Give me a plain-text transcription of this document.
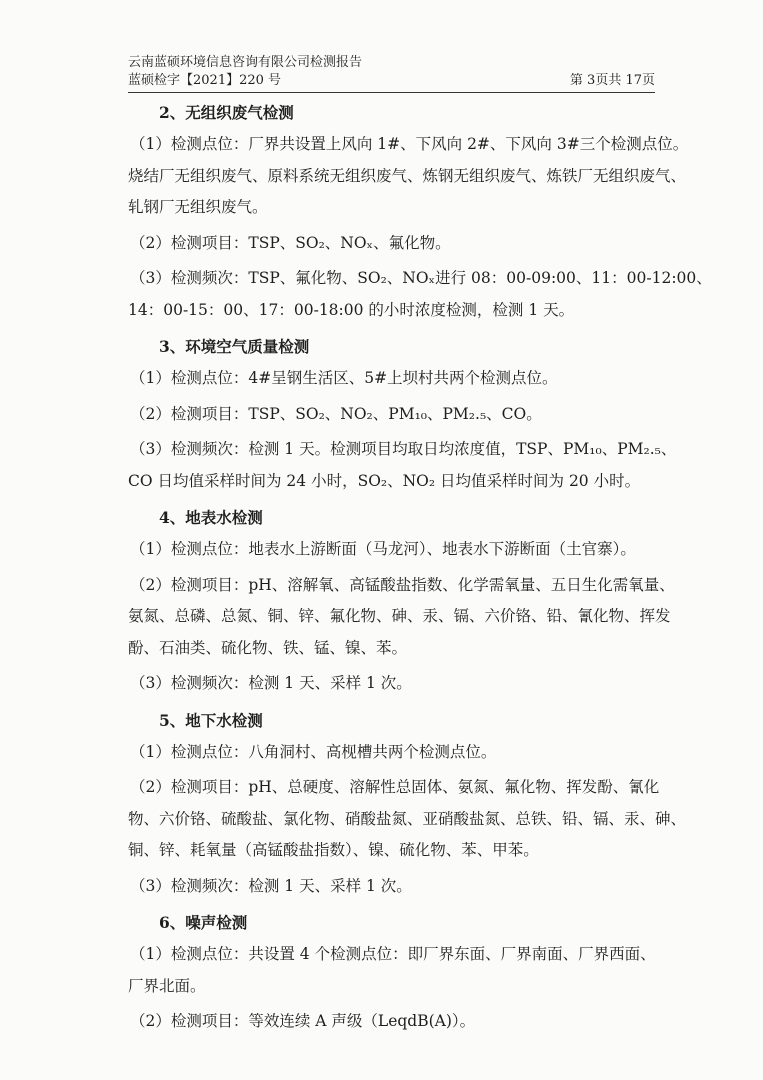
云南蓝硕环境信息咨询有限公司检测报告
蓝硕检字【2021】220 号	第 3页共 17页
2、无组织废气检测
（1）检测点位：厂界共设置上风向 1#、下风向 2#、下风向 3#三个检测点位。
烧结厂无组织废气、原料系统无组织废气、炼钢无组织废气、炼铁厂无组织废气、
轧钢厂无组织废气。
（2）检测项目：TSP、SO₂、NOₓ、氟化物。
（3）检测频次：TSP、氟化物、SO₂、NOₓ进行 08：00-09:00、11：00-12:00、
14：00-15：00、17：00-18:00 的小时浓度检测，检测 1 天。
3、环境空气质量检测
（1）检测点位：4#呈钢生活区、5#上坝村共两个检测点位。
（2）检测项目：TSP、SO₂、NO₂、PM₁₀、PM₂.₅、CO。
（3）检测频次：检测 1 天。检测项目均取日均浓度值，TSP、PM₁₀、PM₂.₅、
CO 日均值采样时间为 24 小时，SO₂、NO₂ 日均值采样时间为 20 小时。
4、地表水检测
（1）检测点位：地表水上游断面（马龙河）、地表水下游断面（土官寨）。
（2）检测项目：pH、溶解氧、高锰酸盐指数、化学需氧量、五日生化需氧量、
氨氮、总磷、总氮、铜、锌、氟化物、砷、汞、镉、六价铬、铅、氰化物、挥发
酚、石油类、硫化物、铁、锰、镍、苯。
（3）检测频次：检测 1 天、采样 1 次。
5、地下水检测
（1）检测点位：八角洞村、高枧槽共两个检测点位。
（2）检测项目：pH、总硬度、溶解性总固体、氨氮、氟化物、挥发酚、氰化
物、六价铬、硫酸盐、氯化物、硝酸盐氮、亚硝酸盐氮、总铁、铅、镉、汞、砷、
铜、锌、耗氧量（高锰酸盐指数）、镍、硫化物、苯、甲苯。
（3）检测频次：检测 1 天、采样 1 次。
6、噪声检测
（1）检测点位：共设置 4 个检测点位：即厂界东面、厂界南面、厂界西面、
厂界北面。
（2）检测项目：等效连续 A 声级（LeqdB(A)）。
